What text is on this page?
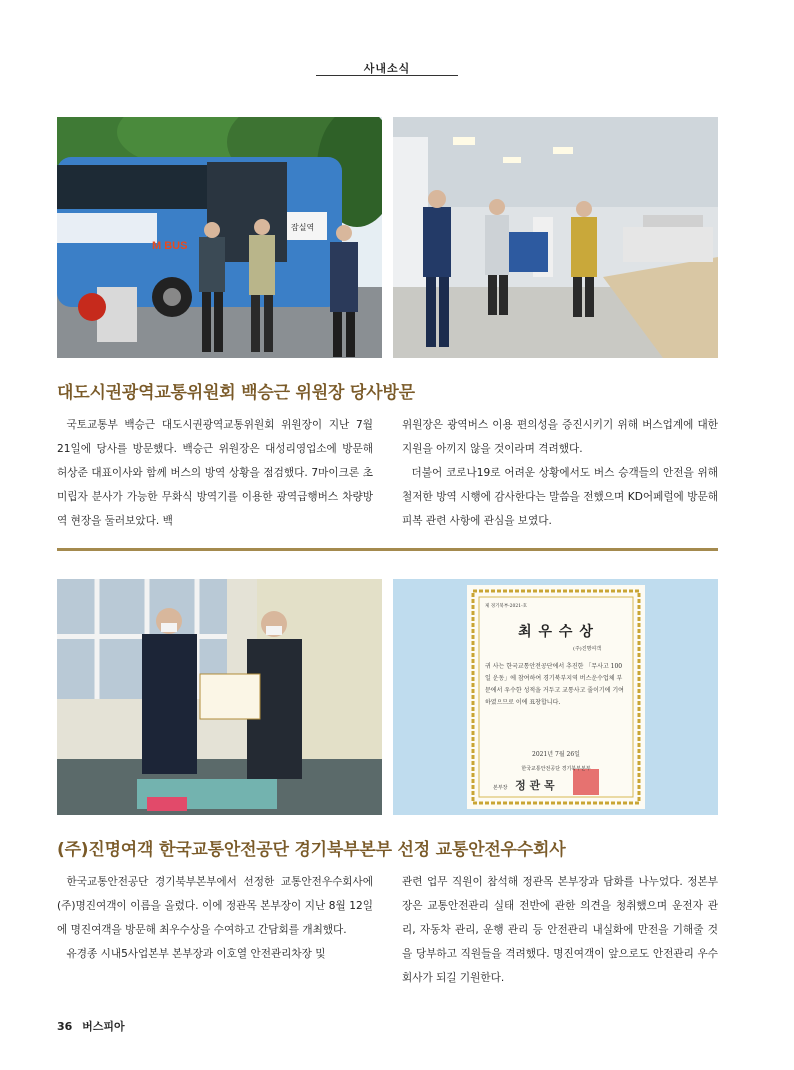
사내소식
M BUS
잠실역
대도시권광역교통위원회 백승근 위원장 당사방문

국토교통부 백승근 대도시권광역교통위원회 위원장이 지난 7월 21일에 당사를 방문했다. 백승근 위원장은 대성리영업소에 방문해 허상준 대표이사와 함께 버스의 방역 상황을 점검했다. 7마이크론 초미립자 분사가 가능한 무화식 방역기를 이용한 광역급행버스 차량방역 현장을 둘러보았다. 백

위원장은 광역버스 이용 편의성을 증진시키기 위해 버스업계에 대한 지원을 아끼지 않을 것이라며 격려했다.

더불어 코로나19로 어려운 상황에서도 버스 승객들의 안전을 위해 철저한 방역 시행에 감사한다는 말씀을 전했으며 KD어페럴에 방문해 피복 관련 사항에 관심을 보였다.

제 경기북부-2021-호
최 우 수 상
(주)진명여객
귀 사는 한국교통안전공단에서 추진한 「무사고 100일 운동」에 참여하여 경기북부지역 버스운수업체 부문에서 우수한 성적을 거두고 교통사고 줄이기에 기여 하였으므로 이에 표창합니다.
2021년 7월 26일
한국교통안전공단 경기북부본부
본부장 정 관 목
(주)진명여객 한국교통안전공단 경기북부본부 선정 교통안전우수회사

한국교통안전공단 경기북부본부에서 선정한 교통안전우수회사에 (주)명진여객이 이름을 올렸다. 이에 정관목 본부장이 지난 8월 12일에 명진여객을 방문해 최우수상을 수여하고 간담회를 개최했다.

유경종 시내5사업본부 본부장과 이호열 안전관리차장 및

관련 업무 직원이 참석해 정관목 본부장과 담화를 나누었다. 정본부장은 교통안전관리 실태 전반에 관한 의견을 청취했으며 운전자 관리, 자동차 관리, 운행 관리 등 안전관리 내실화에 만전을 기해줄 것을 당부하고 직원들을 격려했다. 명진여객이 앞으로도 안전관리 우수회사가 되길 기원한다.

36 버스피아
